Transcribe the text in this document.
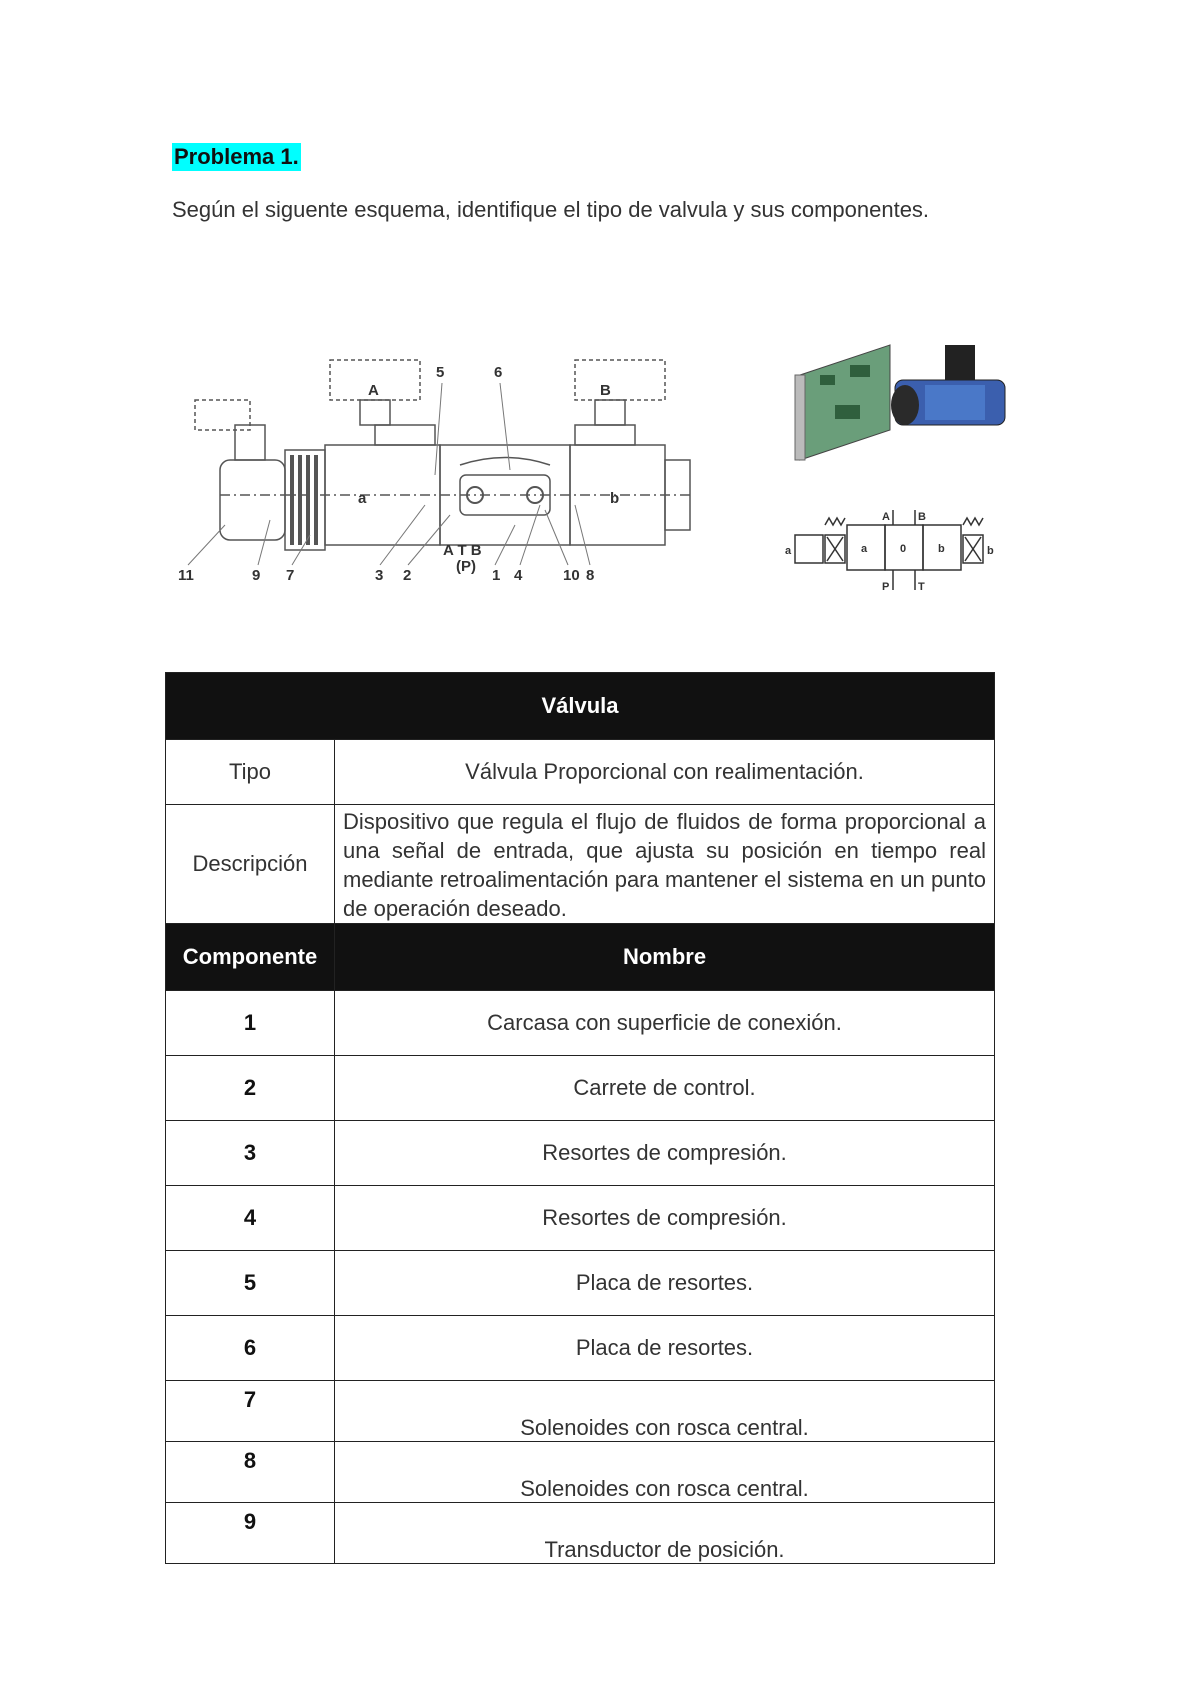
Problema 1.
Según el siguente esquema, identifique el tipo de valvula y sus componentes.
11	9 7	3 2
A T B
(P)
1 4	10 8
5	6
A	B
a	b
a	b
a	0	b
A	B
P	T
Válvula	
Tipo	Válvula Proporcional con realimentación.
Descripción	Dispositivo que regula el flujo de fluidos de forma proporcional a una señal de entrada, que ajusta su posición en tiempo real mediante retroalimentación para mantener el sistema en un punto de operación deseado.
Componente	Nombre
1	Carcasa con superficie de conexión.
2	Carrete de control.
3	Resortes de compresión.
4	Resortes de compresión.
5	Placa de resortes.
6	Placa de resortes.
7	Solenoides con rosca central.
8	Solenoides con rosca central.
9	Transductor de posición.
